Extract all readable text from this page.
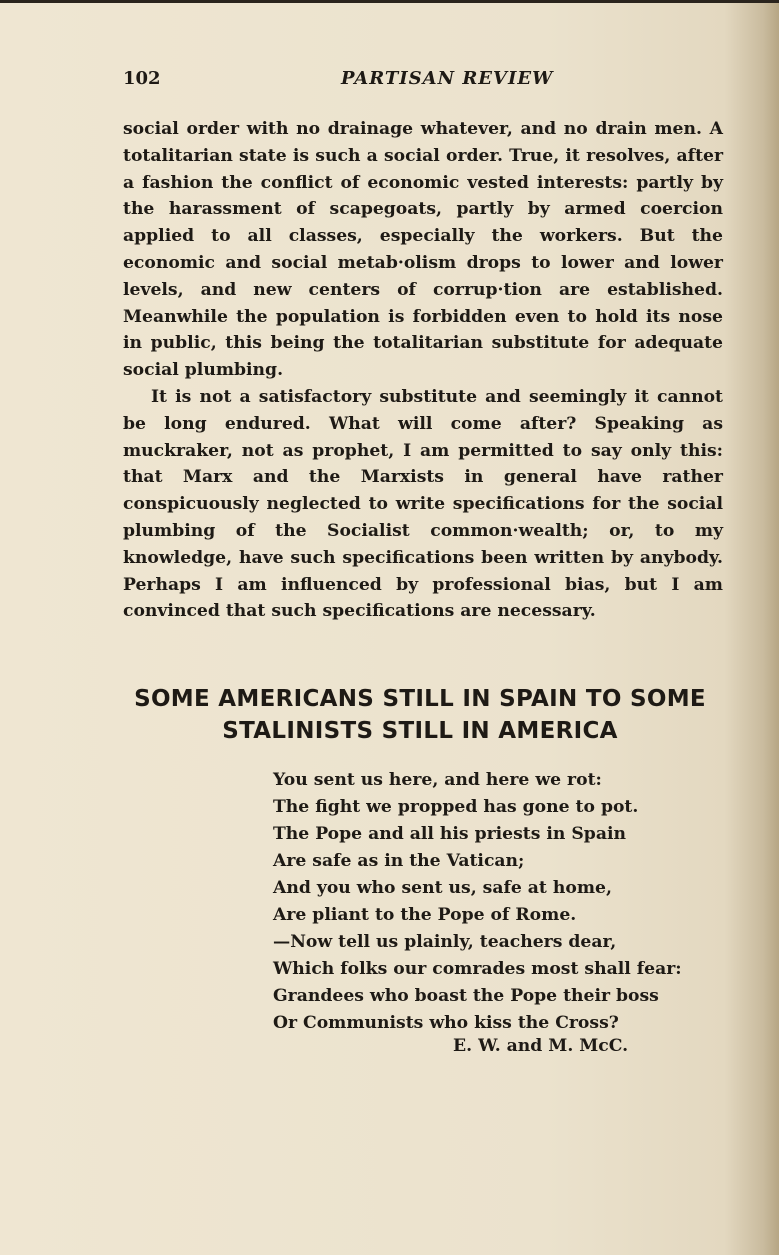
102	PARTISAN REVIEW

social order with no drainage whatever, and no drain men. A totalitarian state is such a social order. True, it resolves, after a fashion the conflict of economic vested interests: partly by the harassment of scapegoats, partly by armed coercion applied to all classes, especially the workers. But the economic and social metab·olism drops to lower and lower levels, and new centers of corrup·tion are established. Meanwhile the population is forbidden even to hold its nose in public, this being the totalitarian substitute for adequate social plumbing.

It is not a satisfactory substitute and seemingly it cannot be long endured. What will come after? Speaking as muckraker, not as prophet, I am permitted to say only this: that Marx and the Marxists in general have rather conspicuously neglected to write specifications for the social plumbing of the Socialist common·wealth; or, to my knowledge, have such specifications been written by anybody. Perhaps I am influenced by professional bias, but I am convinced that such specifications are necessary.

SOME AMERICANS STILL IN SPAIN TO SOME
STALINISTS STILL IN AMERICA
You sent us here, and here we rot:
The fight we propped has gone to pot.
The Pope and all his priests in Spain
Are safe as in the Vatican;
And you who sent us, safe at home,
Are pliant to the Pope of Rome.
—Now tell us plainly, teachers dear,
Which folks our comrades most shall fear:
Grandees who boast the Pope their boss
Or Communists who kiss the Cross?
E. W. and M. McC.
